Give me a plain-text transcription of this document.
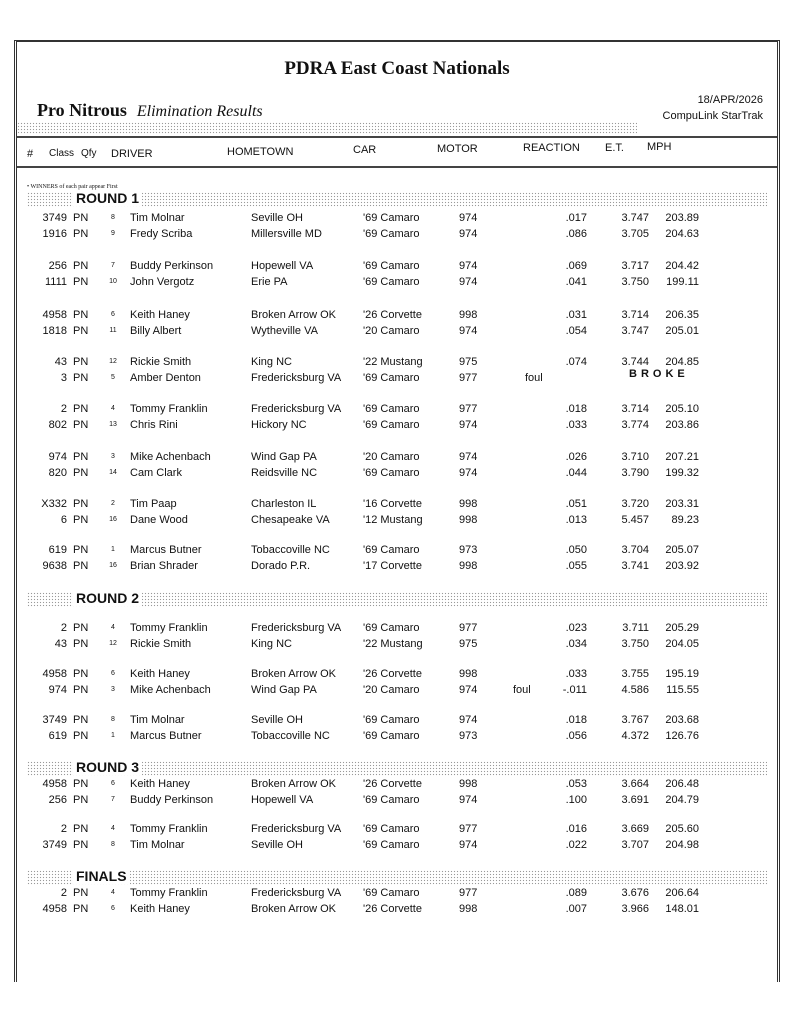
PDRA East Coast Nationals
Pro Nitrous Elimination Results
18/APR/2026
CompuLink StarTrak
# Class Qfy DRIVER	HOMETOWN	CAR	MOTOR	REACTION E.T. MPH
• WINNERS of each pair appear First
ROUND 1
3749 PN	8	Tim Molnar	Seville OH	'69 Camaro	974	.017	3.747	203.89
1916 PN	9	Fredy Scriba	Millersville MD	'69 Camaro	974	.086	3.705	204.63
256 PN	7	Buddy Perkinson	Hopewell VA	'69 Camaro	974	.069	3.717	204.42
1111 PN	10	John Vergotz	Erie PA	'69 Camaro	974	.041	3.750	199.11
4958 PN	6	Keith Haney	Broken Arrow OK '26 Corvette	998	.031	3.714	206.35
1818 PN	11	Billy Albert	Wytheville VA	'20 Camaro	974	.054	3.747	205.01
43 PN	12	Rickie Smith	King NC	'22 Mustang	975	.074	3.744	204.85
3 PN	5	Amber Denton	Fredericksburg VA '69 Camaro	977	foul	BROKE
2 PN	4	Tommy Franklin	Fredericksburg VA '69 Camaro	977	.018	3.714	205.10
802 PN	13	Chris Rini	Hickory NC	'69 Camaro	974	.033	3.774	203.86
974 PN	3	Mike Achenbach	Wind Gap PA	'20 Camaro	974	.026	3.710	207.21
820 PN	14	Cam Clark	Reidsville NC	'69 Camaro	974	.044	3.790	199.32
X332 PN	2	Tim Paap	Charleston IL	'16 Corvette	998	.051	3.720	203.31
6 PN	16	Dane Wood	Chesapeake VA	'12 Mustang	998	.013	5.457	89.23
619 PN	1	Marcus Butner	Tobaccoville NC	'69 Camaro	973	.050	3.704	205.07
9638 PN	16	Brian Shrader	Dorado P.R.	'17 Corvette	998	.055	3.741	203.92
ROUND 2
2 PN	4	Tommy Franklin	Fredericksburg VA '69 Camaro	977	.023	3.711	205.29
43 PN	12	Rickie Smith	King NC	'22 Mustang	975	.034	3.750	204.05
4958 PN	6	Keith Haney	Broken Arrow OK '26 Corvette	998	.033	3.755	195.19
974 PN	3	Mike Achenbach	Wind Gap PA	'20 Camaro	974	foul	-.011	4.586	115.55
3749 PN	8	Tim Molnar	Seville OH	'69 Camaro	974	.018	3.767	203.68
619 PN	1	Marcus Butner	Tobaccoville NC	'69 Camaro	973	.056	4.372	126.76
ROUND 3
4958 PN	6	Keith Haney	Broken Arrow OK '26 Corvette	998	.053	3.664	206.48
256 PN	7	Buddy Perkinson	Hopewell VA	'69 Camaro	974	.100	3.691	204.79
2 PN	4	Tommy Franklin	Fredericksburg VA '69 Camaro	977	.016	3.669	205.60
3749 PN	8	Tim Molnar	Seville OH	'69 Camaro	974	.022	3.707	204.98
FINALS
2 PN	4	Tommy Franklin	Fredericksburg VA '69 Camaro	977	.089	3.676	206.64
4958 PN	6	Keith Haney	Broken Arrow OK '26 Corvette	998	.007	3.966	148.01
